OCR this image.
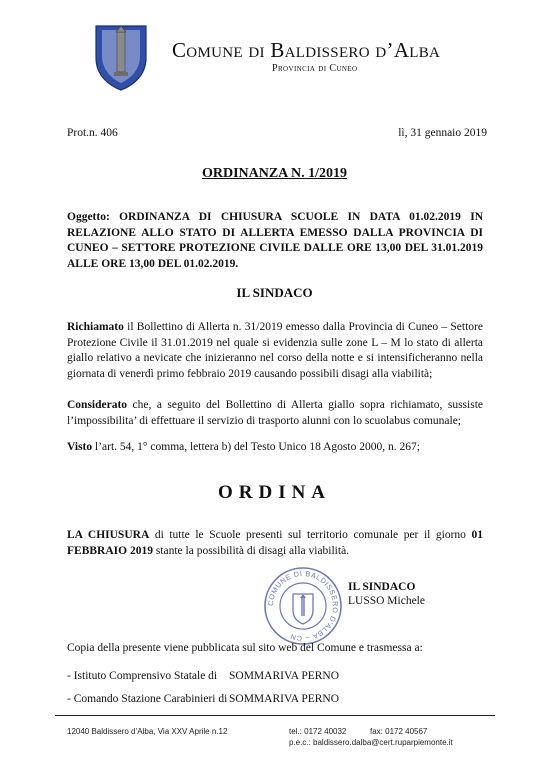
Comune di Baldissero d’Alba
Provincia di Cuneo
Prot.n. 406	lì, 31 gennaio 2019
ORDINANZA N. 1/2019
Oggetto: ORDINANZA DI CHIUSURA SCUOLE IN DATA 01.02.2019 IN RELAZIONE ALLO STATO DI ALLERTA EMESSO DALLA PROVINCIA DI CUNEO – SETTORE PROTEZIONE CIVILE DALLE ORE 13,00 DEL 31.01.2019 ALLE ORE 13,00 DEL 01.02.2019.
IL SINDACO
Richiamato il Bollettino di Allerta n. 31/2019 emesso dalla Provincia di Cuneo – Settore Protezione Civile il 31.01.2019 nel quale si evidenzia sulle zone L – M lo stato di allerta giallo relativo a nevicate che inizieranno nel corso della notte e si intensificheranno nella giornata di venerdì primo febbraio 2019 causando possibili disagi alla viabilità;
Considerato che, a seguito del Bollettino di Allerta giallo sopra richiamato, sussiste l’impossibilita’ di effettuare il servizio di trasporto alunni con lo scuolabus comunale;
Visto l’art. 54, 1° comma, lettera b) del Testo Unico 18 Agosto 2000, n. 267;
ORDINA
LA CHIUSURA di tutte le Scuole presenti sul territorio comunale per il giorno 01 FEBBRAIO 2019 stante la possibilità di disagi alla viabilità.
COMUNE DI BALDISSERO D'ALBA – CN
IL SINDACO
LUSSO Michele
Copia della presente viene pubblicata sul sito web del Comune e trasmessa a:
- Istituto Comprensivo Statale di SOMMARIVA PERNO
- Comando Stazione Carabinieri di SOMMARIVA PERNO
12040 Baldissero d’Alba, Via XXV Aprile n.12	tel.: 0172 40032	fax: 0172 40567
p.e.c.: baldissero.dalba@cert.ruparpiemonte.it
